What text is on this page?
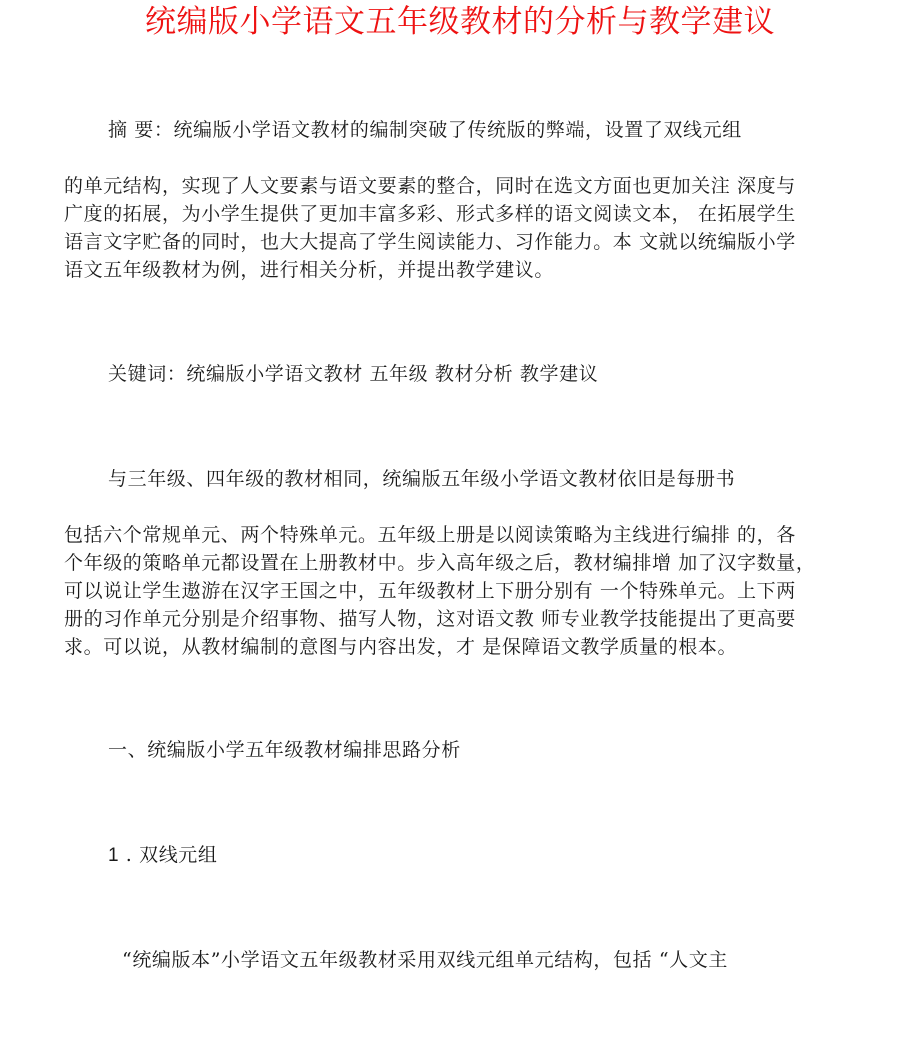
统编版小学语文五年级教材的分析与教学建议
摘 要：统编版小学语文教材的编制突破了传统版的弊端，设置了双线元组
的单元结构，实现了人文要素与语文要素的整合，同时在选文方面也更加关注 深度与
广度的拓展，为小学生提供了更加丰富多彩、形式多样的语文阅读文本， 在拓展学生
语言文字贮备的同时，也大大提高了学生阅读能力、习作能力。本 文就以统编版小学
语文五年级教材为例，进行相关分析，并提出教学建议。
关键词：统编版小学语文教材 五年级 教材分析 教学建议
与三年级、四年级的教材相同，统编版五年级小学语文教材依旧是每册书
包括六个常规单元、两个特殊单元。五年级上册是以阅读策略为主线进行编排 的，各
个年级的策略单元都设置在上册教材中。步入高年级之后，教材编排增 加了汉字数量，
可以说让学生遨游在汉字王国之中，五年级教材上下册分别有 一个特殊单元。上下两
册的习作单元分别是介绍事物、描写人物，这对语文教 师专业教学技能提出了更高要
求。可以说，从教材编制的意图与内容出发，才 是保障语文教学质量的根本。
一、统编版小学五年级教材编排思路分析
1 . 双线元组
“统编版本”小学语文五年级教材采用双线元组单元结构，包括 “人文主
